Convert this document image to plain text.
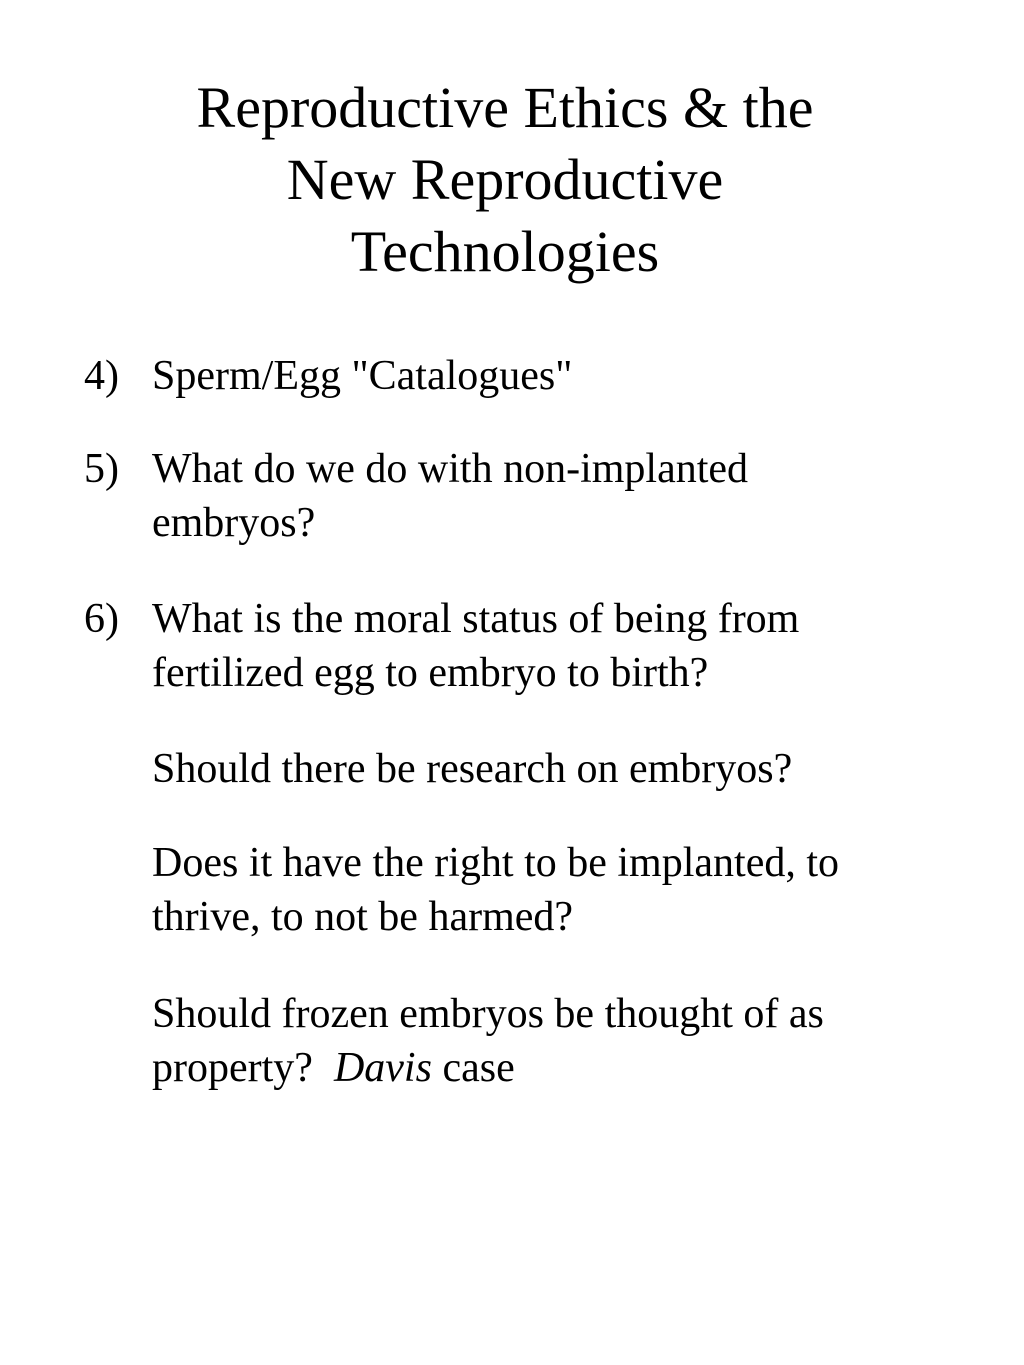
Reproductive Ethics & the
New Reproductive
Technologies
4) Sperm/Egg "Catalogues"
5) What do we do with non-implanted
embryos?
6) What is the moral status of being from
fertilized egg to embryo to birth?
Should there be research on embryos?
Does it have the right to be implanted, to
thrive, to not be harmed?
Should frozen embryos be thought of as
property?  Davis case
